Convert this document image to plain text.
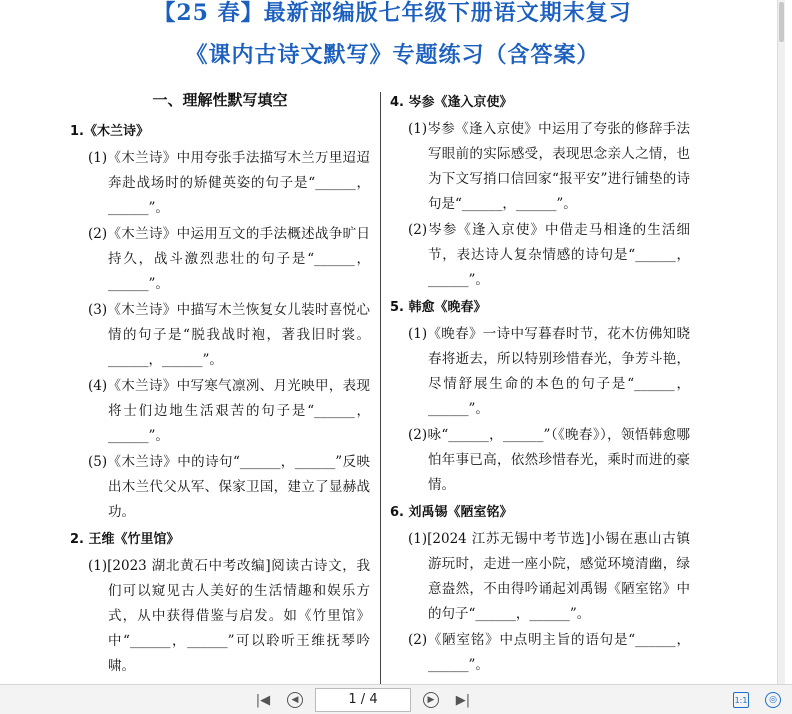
【25 春】最新部编版七年级下册语文期末复习
《课内古诗文默写》专题练习（含答案）
一、理解性默写填空
1.《木兰诗》
(1)《木兰诗》中用夸张手法描写木兰万里迢迢奔赴战场时的矫健英姿的句子是“______，______”。
(2)《木兰诗》中运用互文的手法概述战争旷日持久，战斗激烈悲壮的句子是“______，______”。
(3)《木兰诗》中描写木兰恢复女儿装时喜悦心情的句子是“脱我战时袍，著我旧时裳。______，______”。
(4)《木兰诗》中写寒气凛冽、月光映甲，表现将士们边地生活艰苦的句子是“______，______”。
(5)《木兰诗》中的诗句“______，______”反映出木兰代父从军、保家卫国，建立了显赫战功。
2. 王维《竹里馆》
(1)[2023 湖北黄石中考改编]阅读古诗文，我们可以窥见古人美好的生活情趣和娱乐方式，从中获得借鉴与启发。如《竹里馆》中“______，______”可以聆听王维抚琴吟啸。
4. 岑参《逢入京使》
(1)岑参《逢入京使》中运用了夸张的修辞手法写眼前的实际感受，表现思念亲人之情，也为下文写捎口信回家“报平安”进行铺垫的诗句是“______，______”。
(2)岑参《逢入京使》中借走马相逢的生活细节，表达诗人复杂情感的诗句是“______，______”。
5. 韩愈《晚春》
(1)《晚春》一诗中写暮春时节，花木仿佛知晓春将逝去，所以特别珍惜春光，争芳斗艳，尽情舒展生命的本色的句子是“______，______”。
(2)咏“______，______”（《晚春》），领悟韩愈哪怕年事已高，依然珍惜春光，乘时而进的豪情。
6. 刘禹锡《陋室铭》
(1)[2024 江苏无锡中考节选]小锡在惠山古镇游玩时，走进一座小院，感觉环境清幽，绿意盎然，不由得吟诵起刘禹锡《陋室铭》中的句子“______，______”。
(2)《陋室铭》中点明主旨的语句是“______，______”。
|◀	◀	1 / 4	▶	▶|	1:1	◎
